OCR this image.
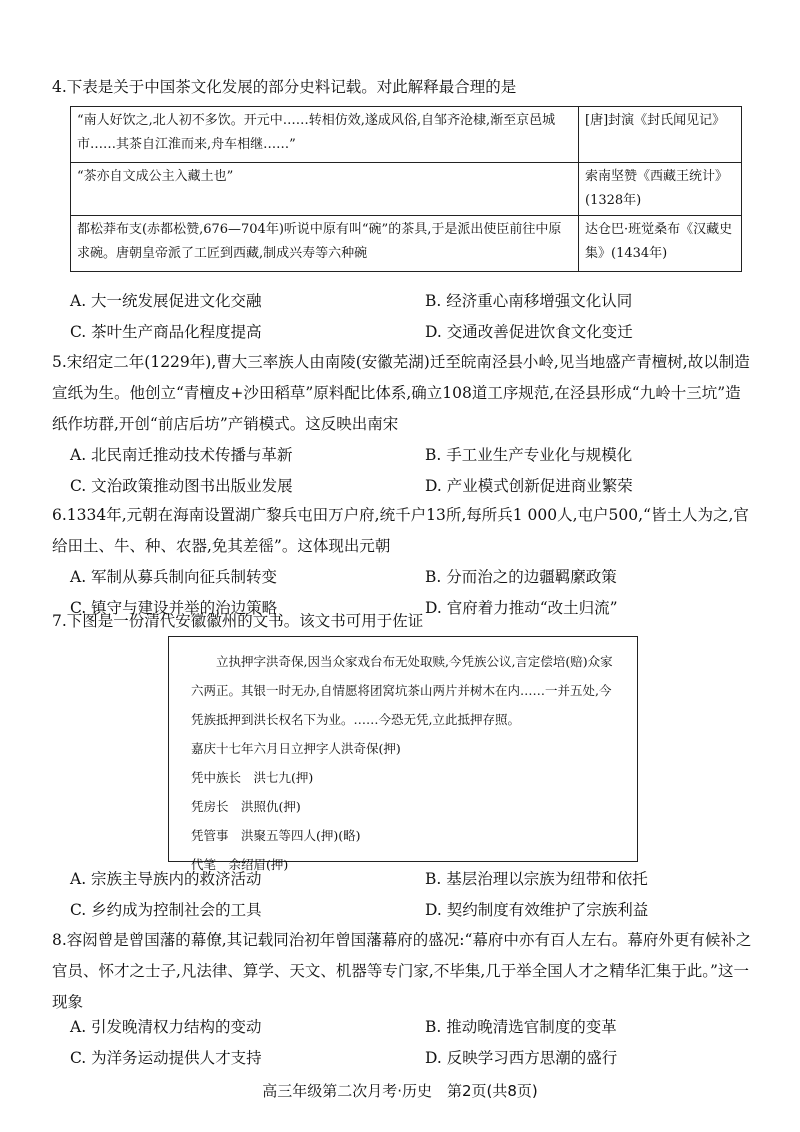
4.下表是关于中国茶文化发展的部分史料记载。对此解释最合理的是

“南人好饮之,北人初不多饮。开元中……转相仿效,遂成风俗,自邹齐沧棣,渐至京邑城市……其茶自江淮而来,舟车相继……”	[唐]封演《封氏闻见记》
“茶亦自文成公主入藏土也”	索南坚赞《西藏王统计》(1328年)
都松莽布支(赤都松赞,676—704年)听说中原有叫“碗”的茶具,于是派出使臣前往中原求碗。唐朝皇帝派了工匠到西藏,制成兴寿等六种碗	达仓巴·班觉桑布《汉藏史集》(1434年)
A. 大一统发展促进文化交融	B. 经济重心南移增强文化认同
C. 茶叶生产商品化程度提高	D. 交通改善促进饮食文化变迁

5.宋绍定二年(1229年),曹大三率族人由南陵(安徽芜湖)迁至皖南泾县小岭,见当地盛产青檀树,故以制造宣纸为生。他创立“青檀皮+沙田稻草”原料配比体系,确立108道工序规范,在泾县形成“九岭十三坑”造纸作坊群,开创“前店后坊”产销模式。这反映出南宋

A. 北民南迁推动技术传播与革新	B. 手工业生产专业化与规模化
C. 文治政策推动图书出版业发展	D. 产业模式创新促进商业繁荣

6.1334年,元朝在海南设置湖广黎兵屯田万户府,统千户13所,每所兵1 000人,屯户500,“皆土人为之,官给田土、牛、种、农器,免其差徭”。这体现出元朝

A. 军制从募兵制向征兵制转变	B. 分而治之的边疆羁縻政策
C. 镇守与建设并举的治边策略	D. 官府着力推动“改土归流”

7.下图是一份清代安徽徽州的文书。该文书可用于佐证

立执押字洪奇保,因当众家戏台布无处取赎,今凭族公议,言定偿培(赔)众家六两正。其银一时无办,自情愿将团窝坑茶山两片并树木在内……一并五处,今凭族抵押到洪长权名下为业。……今恐无凭,立此抵押存照。

嘉庆十七年六月日立押字人洪奇保(押)

凭中族长　洪七九(押)

凭房长　洪照仇(押)

凭管事　洪聚五等四人(押)(略)

代笔　余绍眉(押)

A. 宗族主导族内的救济活动	B. 基层治理以宗族为纽带和依托
C. 乡约成为控制社会的工具	D. 契约制度有效维护了宗族利益

8.容闳曾是曾国藩的幕僚,其记载同治初年曾国藩幕府的盛况:“幕府中亦有百人左右。幕府外更有候补之官员、怀才之士子,凡法律、算学、天文、机器等专门家,不毕集,几于举全国人才之精华汇集于此。”这一现象

A. 引发晚清权力结构的变动	B. 推动晚清选官制度的变革
C. 为洋务运动提供人才支持	D. 反映学习西方思潮的盛行
高三年级第二次月考·历史　第2页(共8页)
